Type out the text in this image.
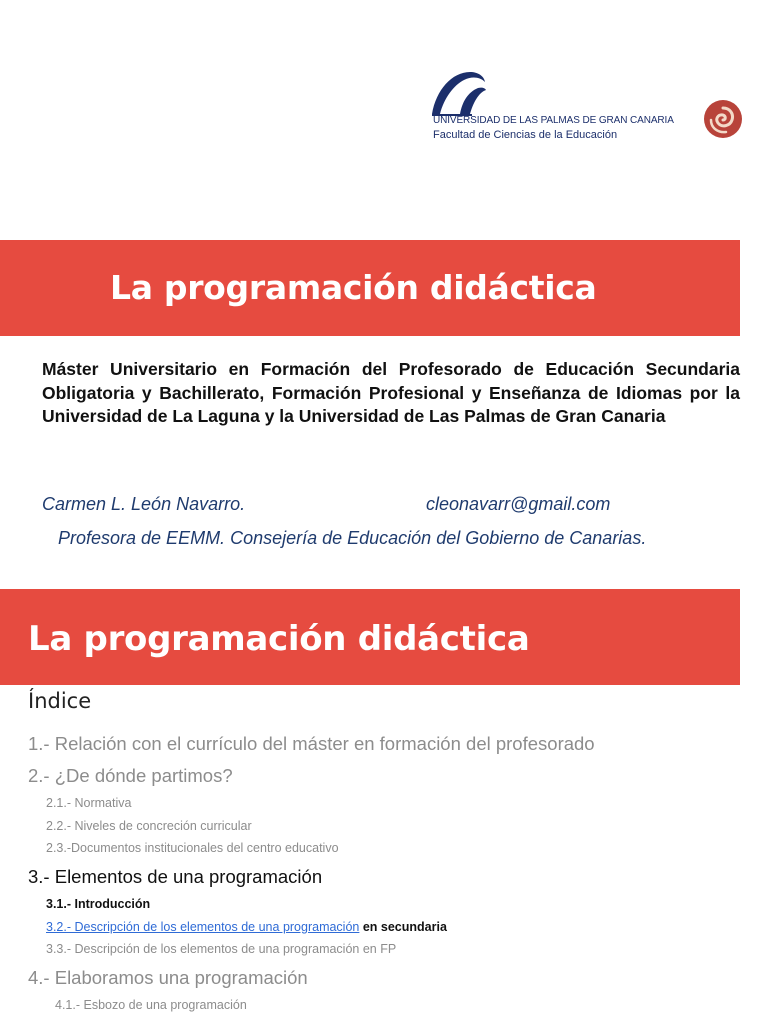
UNIVERSIDAD DE LAS PALMAS DE GRAN CANARIA
Facultad de Ciencias de la Educación
La programación didáctica
Máster Universitario en Formación del Profesorado de Educación Secundaria Obligatoria y Bachillerato, Formación Profesional y Enseñanza de Idiomas por la Universidad de La Laguna y la Universidad de Las Palmas de Gran Canaria
Carmen L. León Navarro.	cleonavarr@gmail.com
Profesora de EEMM. Consejería de Educación del Gobierno de Canarias.
La programación didáctica
Índice
1.- Relación con el currículo del máster en formación del profesorado
2.- ¿De dónde partimos?
2.1.- Normativa
2.2.- Niveles de concreción curricular
2.3.-Documentos institucionales del centro educativo
3.- Elementos de una programación
3.1.- Introducción
3.2.- Descripción de los elementos de una programación en secundaria
3.3.- Descripción de los elementos de una programación en FP
4.- Elaboramos una programación
4.1.- Esbozo de una programación
